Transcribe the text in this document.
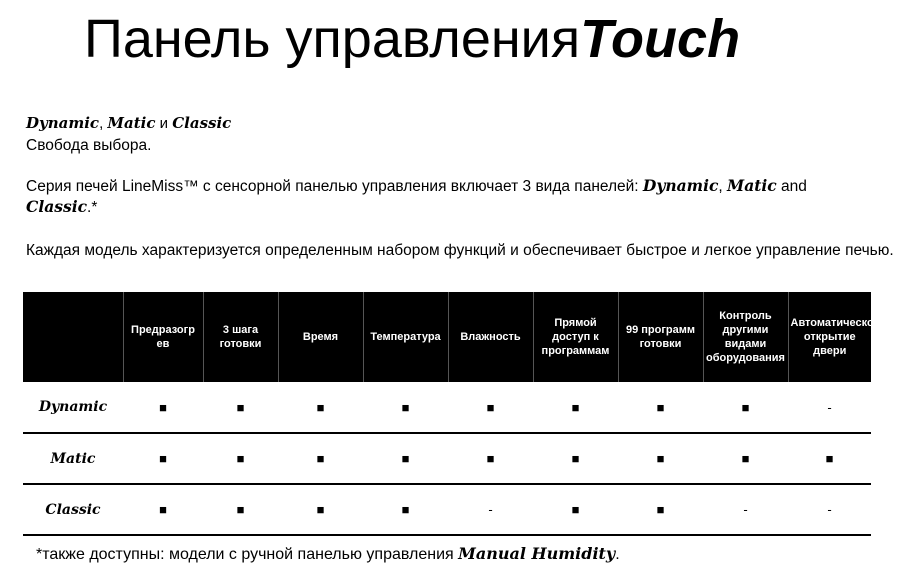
Панель управленияTouch
Dynamic, Matic и Classic
Свобода выбора.
Серия печей LineMiss™ с сенсорной панелью управления включает 3 вида панелей: Dynamic, Matic and Classic.*
Каждая модель характеризуется определенным набором функций и обеспечивает быстрое и легкое управление печью.
	Предразогр ев	3 шага готовки	Время	Температура	Влажность	Прямой доступ к программам	99 программ готовки	Контроль другими видами оборудования	Автоматическое открытие двери
Dynamic	■	■	■	■	■	■	■	■	-
Matic	■	■	■	■	■	■	■	■	■
Classic	■	■	■	■	-	■	■	-	-
*также доступны: модели с ручной панелью управления Manual Humidity.
